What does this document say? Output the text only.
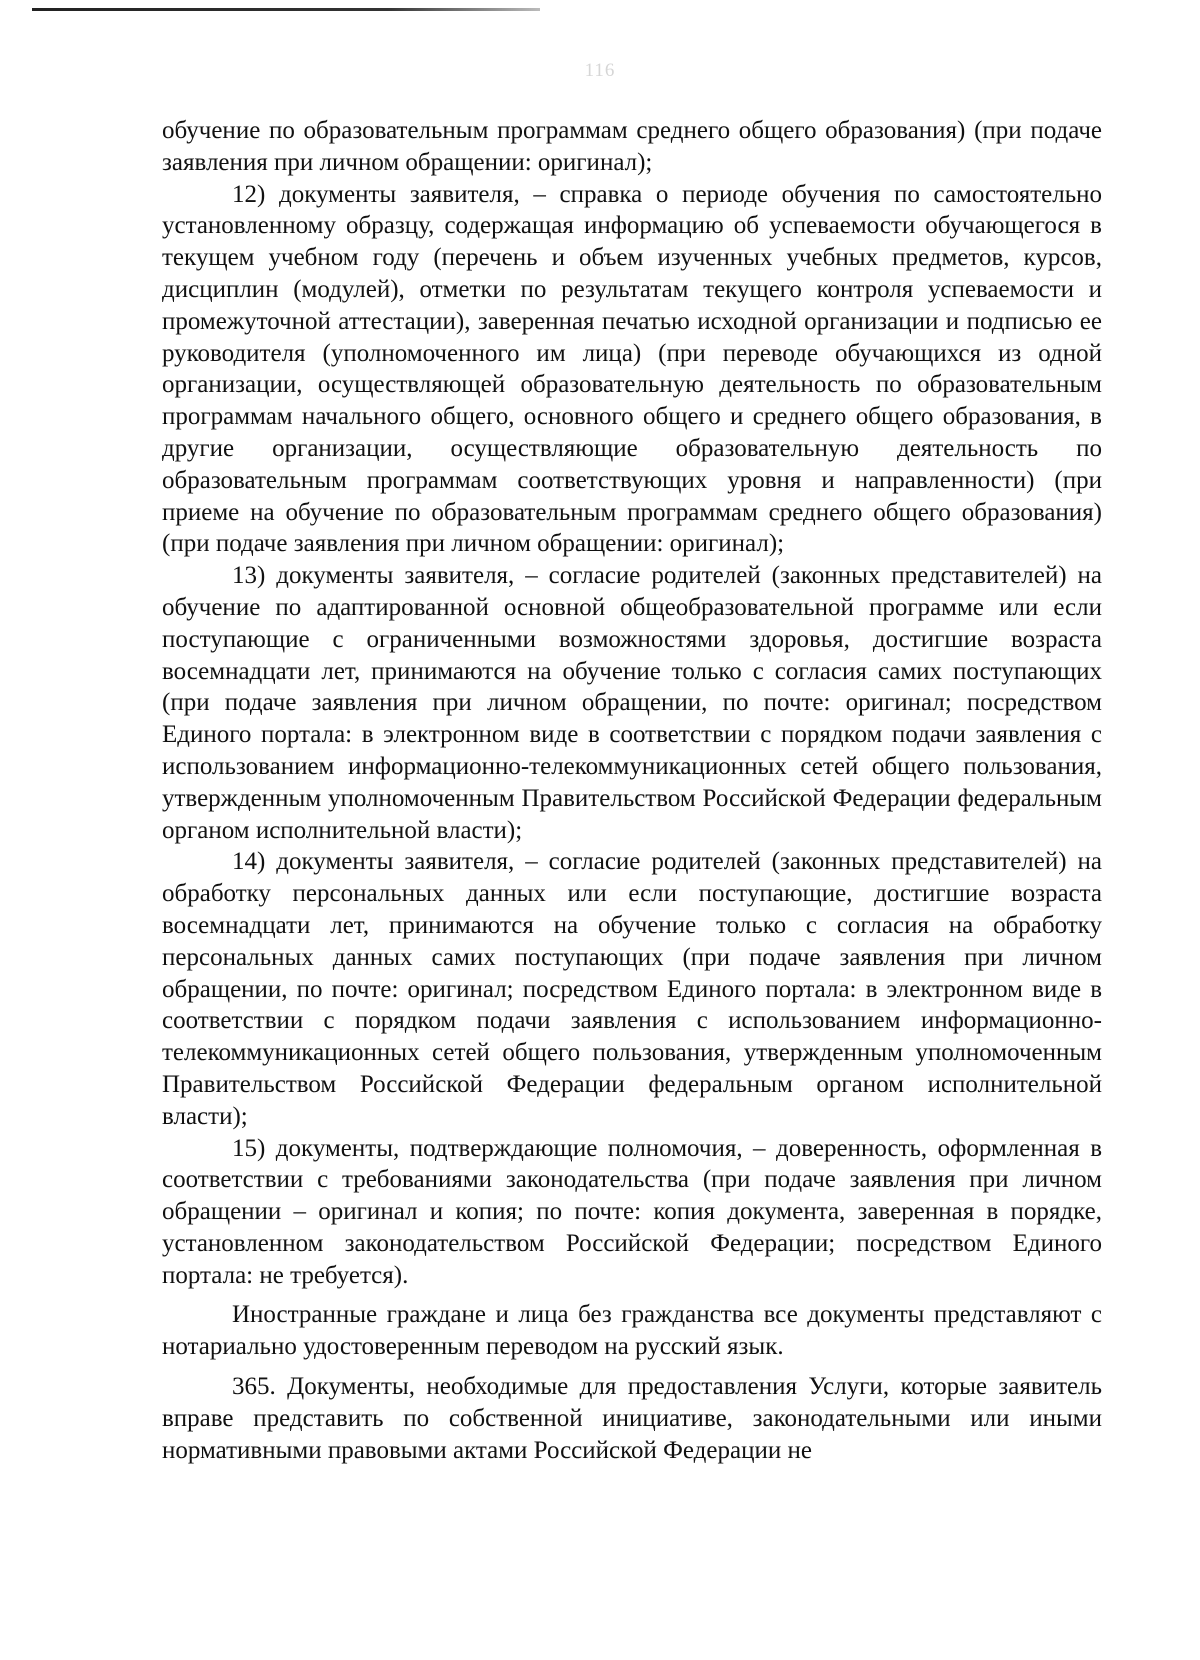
116

обучение по образовательным программам среднего общего образования) (при подаче заявления при личном обращении: оригинал);

12) документы заявителя, – справка о периоде обучения по самостоятельно установленному образцу, содержащая информацию об успеваемости обучающегося в текущем учебном году (перечень и объем изученных учебных предметов, курсов, дисциплин (модулей), отметки по результатам текущего контроля успеваемости и промежуточной аттестации), заверенная печатью исходной организации и подписью ее руководителя (уполномоченного им лица) (при переводе обучающихся из одной организации, осуществляющей образовательную деятельность по образовательным программам начального общего, основного общего и среднего общего образования, в другие организации, осуществляющие образовательную деятельность по образовательным программам соответствующих уровня и направленности) (при приеме на обучение по образовательным программам среднего общего образования) (при подаче заявления при личном обращении: оригинал);

13) документы заявителя, – согласие родителей (законных представителей) на обучение по адаптированной основной общеобразовательной программе или если поступающие с ограниченными возможностями здоровья, достигшие возраста восемнадцати лет, принимаются на обучение только с согласия самих поступающих (при подаче заявления при личном обращении, по почте: оригинал; посредством Единого портала: в электронном виде в соответствии с порядком подачи заявления с использованием информационно-телекоммуникационных сетей общего пользования, утвержденным уполномоченным Правительством Российской Федерации федеральным органом исполнительной власти);

14) документы заявителя, – согласие родителей (законных представителей) на обработку персональных данных или если поступающие, достигшие возраста восемнадцати лет, принимаются на обучение только с согласия на обработку персональных данных самих поступающих (при подаче заявления при личном обращении, по почте: оригинал; посредством Единого портала: в электронном виде в соответствии с порядком подачи заявления с использованием информационно-телекоммуникационных сетей общего пользования, утвержденным уполномоченным Правительством Российской Федерации федеральным органом исполнительной власти);

15) документы, подтверждающие полномочия, – доверенность, оформленная в соответствии с требованиями законодательства (при подаче заявления при личном обращении – оригинал и копия; по почте: копия документа, заверенная в порядке, установленном законодательством Российской Федерации; посредством Единого портала: не требуется).

Иностранные граждане и лица без гражданства все документы представляют с нотариально удостоверенным переводом на русский язык.

365. Документы, необходимые для предоставления Услуги, которые заявитель вправе представить по собственной инициативе, законодательными или иными нормативными правовыми актами Российской Федерации не
